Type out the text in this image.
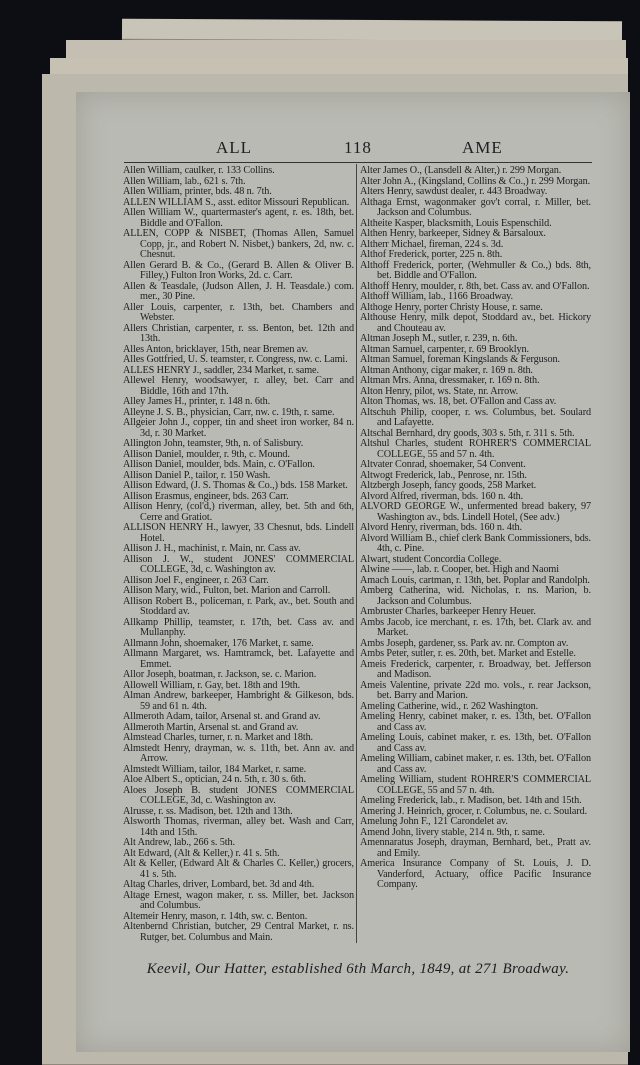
ALL	118	AME
Allen William, caulker, r. 133 Collins.
Allen William, lab., 621 s. 7th.
Allen William, printer, bds. 48 n. 7th.
ALLEN WILLIAM S., asst. editor Missouri Republican.
Allen William W., quartermaster's agent, r. es. 18th, bet. Biddle and O'Fallon.
ALLEN, COPP & NISBET, (Thomas Allen, Samuel Copp, jr., and Robert N. Nisbet,) bankers, 2d, nw. c. Chesnut.
Allen Gerard B. & Co., (Gerard B. Allen & Oliver B. Filley,) Fulton Iron Works, 2d. c. Carr.
Allen & Teasdale, (Judson Allen, J. H. Teasdale.) com. mer., 30 Pine.
Aller Louis, carpenter, r. 13th, bet. Chambers and Webster.
Allers Christian, carpenter, r. ss. Benton, bet. 12th and 13th.
Alles Anton, bricklayer, 15th, near Bremen av.
Alles Gottfried, U. S. teamster, r. Congress, nw. c. Lami.
ALLES HENRY J., saddler, 234 Market, r. same.
Allewel Henry, woodsawyer, r. alley, bet. Carr and Biddle, 16th and 17th.
Alley James H., printer, r. 148 n. 6th.
Alleyne J. S. B., physician, Carr, nw. c. 19th, r. same.
Allgeier John J., copper, tin and sheet iron worker, 84 n. 3d, r. 30 Market.
Allington John, teamster, 9th, n. of Salisbury.
Allison Daniel, moulder, r. 9th, c. Mound.
Allison Daniel, moulder, bds. Main, c. O'Fallon.
Allison Daniel P., tailor, r. 150 Wash.
Allison Edward, (J. S. Thomas & Co.,) bds. 158 Market.
Allison Erasmus, engineer, bds. 263 Carr.
Allison Henry, (col'd,) riverman, alley, bet. 5th and 6th, Cerre and Gratiot.
ALLISON HENRY H., lawyer, 33 Chesnut, bds. Lindell Hotel.
Allison J. H., machinist, r. Main, nr. Cass av.
Allison J. W., student JONES' COMMERCIAL COLLEGE, 3d, c. Washington av.
Allison Joel F., engineer, r. 263 Carr.
Allison Mary, wid., Fulton, bet. Marion and Carroll.
Allison Robert B., policeman, r. Park, av., bet. South and Stoddard av.
Allkamp Phillip, teamster, r. 17th, bet. Cass av. and Mullanphy.
Allmann John, shoemaker, 176 Market, r. same.
Allmann Margaret, ws. Hamtramck, bet. Lafayette and Emmet.
Allor Joseph, boatman, r. Jackson, se. c. Marion.
Allowell William, r. Gay, bet. 18th and 19th.
Alman Andrew, barkeeper, Hambright & Gilkeson, bds. 59 and 61 n. 4th.
Allmeroth Adam, tailor, Arsenal st. and Grand av.
Allmeroth Martin, Arsenal st. and Grand av.
Almstead Charles, turner, r. n. Market and 18th.
Almstedt Henry, drayman, w. s. 11th, bet. Ann av. and Arrow.
Almstedt William, tailor, 184 Market, r. same.
Aloe Albert S., optician, 24 n. 5th, r. 30 s. 6th.
Aloes Joseph B. student JONES COMMERCIAL COLLEGE, 3d, c. Washington av.
Alrusse, r. ss. Madison, bet. 12th and 13th.
Alsworth Thomas, riverman, alley bet. Wash and Carr, 14th and 15th.
Alt Andrew, lab., 266 s. 5th.
Alt Edward, (Alt & Keller,) r. 41 s. 5th.
Alt & Keller, (Edward Alt & Charles C. Keller,) grocers, 41 s. 5th.
Altag Charles, driver, Lombard, bet. 3d and 4th.
Altage Ernest, wagon maker, r. ss. Miller, bet. Jackson and Columbus.
Altemeir Henry, mason, r. 14th, sw. c. Benton.
Altenbernd Christian, butcher, 29 Central Market, r. ns. Rutger, bet. Columbus and Main.
Alter James O., (Lansdell & Alter,) r. 299 Morgan.
Alter John A., (Kingsland, Collins & Co.,) r. 299 Morgan.
Alters Henry, sawdust dealer, r. 443 Broadway.
Althaga Ernst, wagonmaker gov't corral, r. Miller, bet. Jackson and Columbus.
Altheite Kasper, blacksmith, Louis Espenschild.
Althen Henry, barkeeper, Sidney & Barsaloux.
Altherr Michael, fireman, 224 s. 3d.
Althof Frederick, porter, 225 n. 8th.
Althoff Frederick, porter, (Wehmuller & Co.,) bds. 8th, bet. Biddle and O'Fallon.
Althoff Henry, moulder, r. 8th, bet. Cass av. and O'Fallon.
Althoff William, lab., 1166 Broadway.
Althoge Henry, porter Christy House, r. same.
Althouse Henry, milk depot, Stoddard av., bet. Hickory and Chouteau av.
Altman Joseph M., sutler, r. 239, n. 6th.
Altman Samuel, carpenter, r. 69 Brooklyn.
Altman Samuel, foreman Kingslands & Ferguson.
Altman Anthony, cigar maker, r. 169 n. 8th.
Altman Mrs. Anna, dressmaker, r. 169 n. 8th.
Alton Henry, pilot, ws. State, nr. Arrow.
Alton Thomas, ws. 18, bet. O'Fallon and Cass av.
Altschuh Philip, cooper, r. ws. Columbus, bet. Soulard and Lafayette.
Altschal Bernhard, dry goods, 303 s. 5th, r. 311 s. 5th.
Altshul Charles, student ROHRER'S COMMERCIAL COLLEGE, 55 and 57 n. 4th.
Altvater Conrad, shoemaker, 54 Convent.
Altwogt Frederick, lab., Penrose, nr. 15th.
Altzbergh Joseph, fancy goods, 258 Market.
Alvord Alfred, riverman, bds. 160 n. 4th.
ALVORD GEORGE W., unfermented bread bakery, 97 Washington av., bds. Lindell Hotel, (See adv.)
Alvord Henry, riverman, bds. 160 n. 4th.
Alvord William B., chief clerk Bank Commissioners, bds. 4th, c. Pine.
Alwart, student Concordia College.
Alwine ——, lab. r. Cooper, bet. High and Naomi
Amach Louis, cartman, r. 13th, bet. Poplar and Randolph.
Amberg Catherina, wid. Nicholas, r. ns. Marion, b. Jackson and Columbus.
Ambruster Charles, barkeeper Henry Heuer.
Ambs Jacob, ice merchant, r. es. 17th, bet. Clark av. and Market.
Ambs Joseph, gardener, ss. Park av. nr. Compton av.
Ambs Peter, sutler, r. es. 20th, bet. Market and Estelle.
Ameis Frederick, carpenter, r. Broadway, bet. Jefferson and Madison.
Ameis Valentine, private 22d mo. vols., r. rear Jackson, bet. Barry and Marion.
Ameling Catherine, wid., r. 262 Washington.
Ameling Henry, cabinet maker, r. es. 13th, bet. O'Fallon and Cass av.
Ameling Louis, cabinet maker, r. es. 13th, bet. O'Fallon and Cass av.
Ameling William, cabinet maker, r. es. 13th, bet. O'Fallon and Cass av.
Ameling William, student ROHRER'S COMMERCIAL COLLEGE, 55 and 57 n. 4th.
Ameling Frederick, lab., r. Madison, bet. 14th and 15th.
Amering J. Heinrich, grocer, r. Columbus, ne. c. Soulard.
Amelung John F., 121 Carondelet av.
Amend John, livery stable, 214 n. 9th, r. same.
Amennaratus Joseph, drayman, Bernhard, bet., Pratt av. and Emily.
America Insurance Company of St. Louis, J. D. Vanderford, Actuary, office Pacific Insurance Company.
Keevil, Our Hatter, established 6th March, 1849, at 271 Broadway.
